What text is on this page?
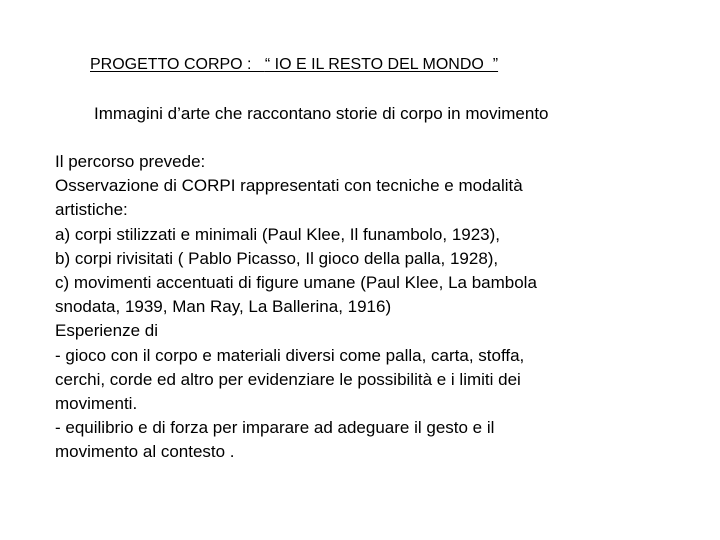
PROGETTO CORPO : “ IO E IL RESTO DEL MONDO  ”
Immagini d’arte che raccontano storie di corpo in movimento
Il percorso prevede:
Osservazione di CORPI rappresentati con tecniche e modalità
artistiche:
a) corpi stilizzati e minimali (Paul Klee, Il funambolo, 1923),
b) corpi rivisitati ( Pablo Picasso, Il gioco della palla, 1928),
c) movimenti accentuati di figure umane (Paul Klee, La bambola
snodata, 1939, Man Ray, La Ballerina, 1916)
Esperienze di
- gioco con il corpo e materiali diversi come palla, carta, stoffa,
cerchi, corde ed altro per evidenziare le possibilità e i limiti dei
movimenti.
- equilibrio e di forza per imparare ad adeguare il gesto e il
movimento al contesto .
